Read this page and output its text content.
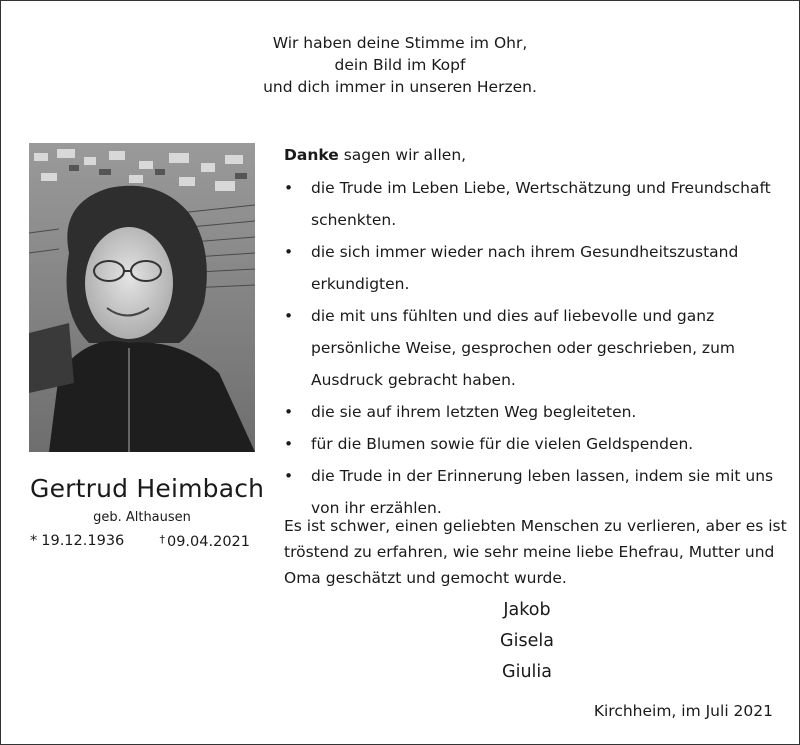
Wir haben deine Stimme im Ohr,
dein Bild im Kopf
und dich immer in unseren Herzen.
Gertrud Heimbach
geb. Althausen
* 19.12.1936	† 09.04.2021
Danke sagen wir allen,
• die Trude im Leben Liebe, Wertschätzung und Freundschaft
schenkten.
• die sich immer wieder nach ihrem Gesundheitszustand
erkundigten.
• die mit uns fühlten und dies auf liebevolle und ganz
persönliche Weise, gesprochen oder geschrieben, zum
Ausdruck gebracht haben.
• die sie auf ihrem letzten Weg begleiteten.
• für die Blumen sowie für die vielen Geldspenden.
• die Trude in der Erinnerung leben lassen, indem sie mit uns
von ihr erzählen.
Es ist schwer, einen geliebten Menschen zu verlieren, aber es ist
tröstend zu erfahren, wie sehr meine liebe Ehefrau, Mutter und
Oma geschätzt und gemocht wurde.
Jakob
Gisela
Giulia
Kirchheim, im Juli 2021
